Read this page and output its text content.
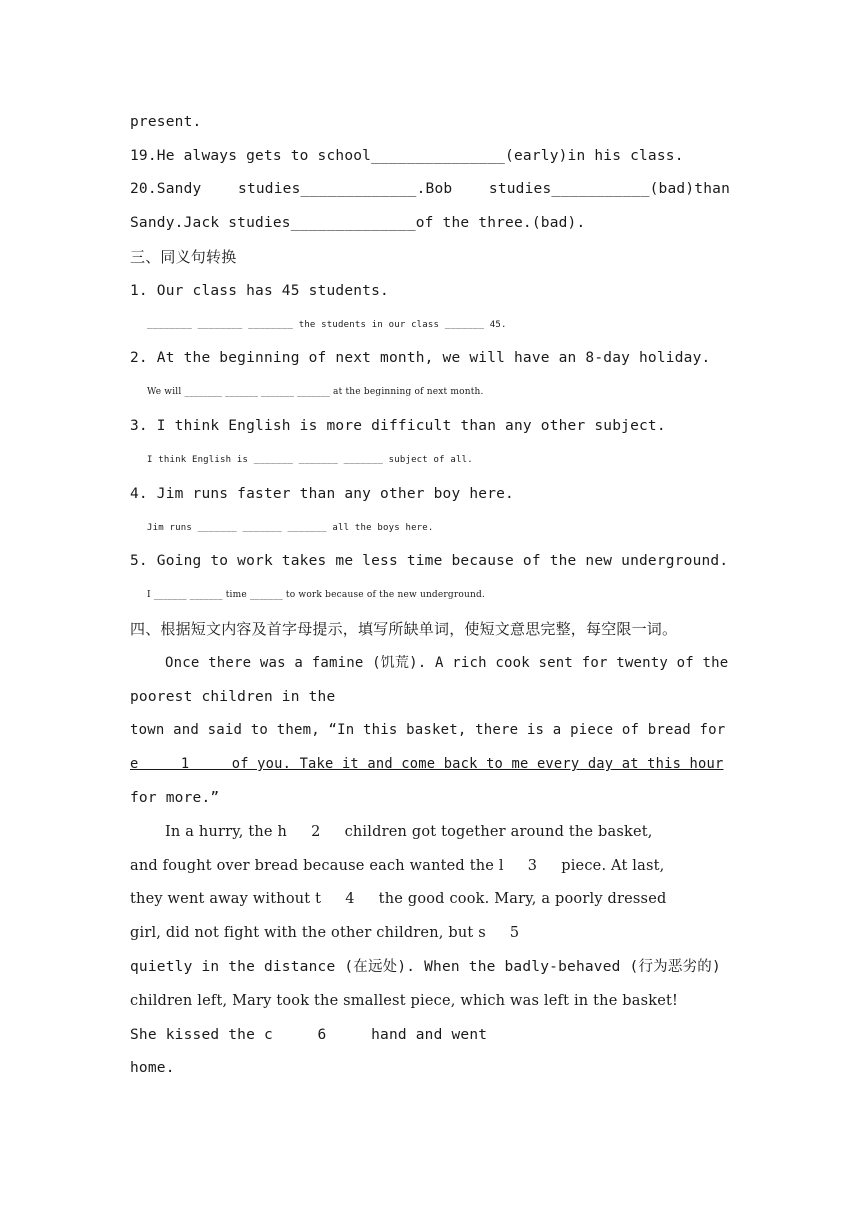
present.
19.He always gets to school_______________(early)in his class.
20.Sandy studies_____________.Bob studies___________(bad)than
Sandy.Jack studies______________of the three.(bad).
三、同义句转换
1. Our class has 45 students.
________ ________ ________ the students in our class _______ 45.
2. At the beginning of next month, we will have an 8-day holiday.
We will ________ _______ _______ _______ at the beginning of next month.
3. I think English is more difficult than any other subject.
I think English is _______ _______ _______ subject of all.
4. Jim runs faster than any other boy here.
Jim runs _______ _______ _______ all the boys here.
5. Going to work takes me less time because of the new underground.
I _______ _______ time _______ to work because of the new underground.
四、根据短文内容及首字母提示，填写所缺单词，使短文意思完整，每空限一词。
Once there was a famine (饥荒). A rich cook sent for twenty of the
poorest children in the
town and said to them, “In this basket, there is a piece of bread for
e     1     of you. Take it and come back to me every day at this hour
for more.”
In a hurry, the h     2     children got together around the basket,
and fought over bread because each wanted the l     3     piece. At last,
they went away without t     4     the good cook. Mary, a poorly dressed
girl, did not fight with the other children, but s     5
quietly in the distance (在远处). When the badly-behaved (行为恶劣的)
children left, Mary took the smallest piece, which was left in the basket!
She kissed the c     6     hand and went
home.
